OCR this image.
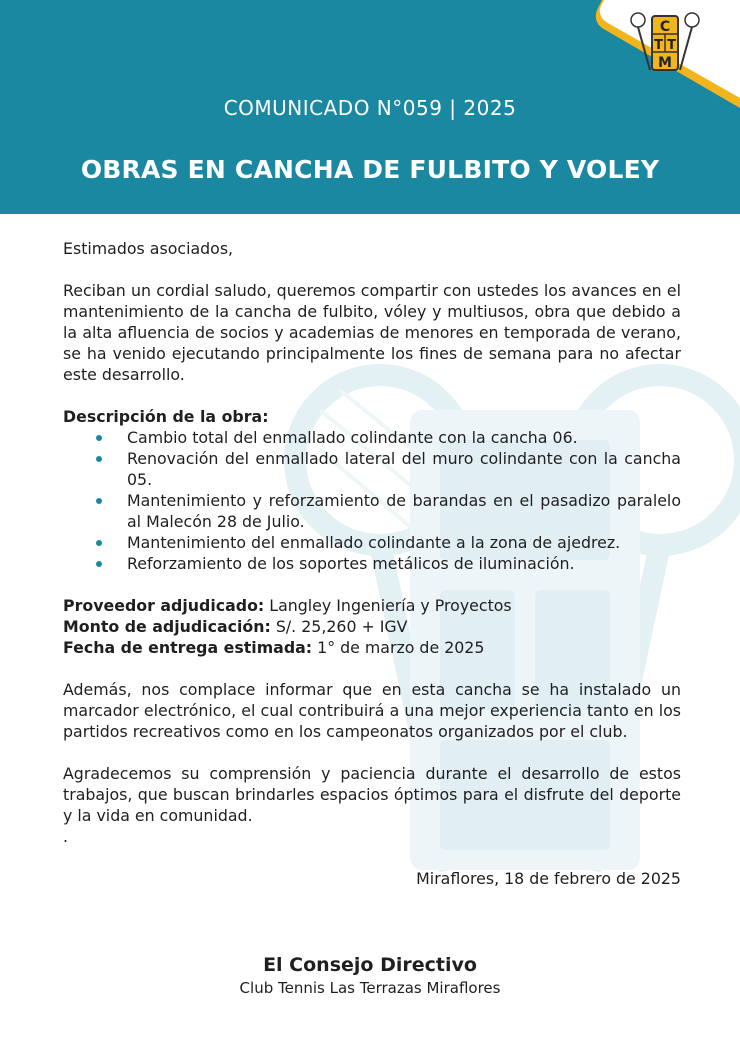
C
T T
M
COMUNICADO N°059 | 2025
OBRAS EN CANCHA DE FULBITO Y VOLEY

Estimados asociados,

Reciban un cordial saludo, queremos compartir con ustedes los avances en el mantenimiento de la cancha de fulbito, vóley y multiusos, obra que debido a la alta afluencia de socios y academias de menores en temporada de verano, se ha venido ejecutando principalmente los fines de semana para no afectar este desarrollo.

Descripción de la obra:

Cambio total del enmallado colindante con la cancha 06.
Renovación del enmallado lateral del muro colindante con la cancha 05.
Mantenimiento y reforzamiento de barandas en el pasadizo paralelo al Malecón 28 de Julio.
Mantenimiento del enmallado colindante a la zona de ajedrez.
Reforzamiento de los soportes metálicos de iluminación.

Proveedor adjudicado: Langley Ingeniería y Proyectos

Monto de adjudicación: S/. 25,260 + IGV

Fecha de entrega estimada: 1° de marzo de 2025

Además, nos complace informar que en esta cancha se ha instalado un marcador electrónico, el cual contribuirá a una mejor experiencia tanto en los partidos recreativos como en los campeonatos organizados por el club.

Agradecemos su comprensión y paciencia durante el desarrollo de estos trabajos, que buscan brindarles espacios óptimos para el disfrute del deporte y la vida en comunidad.

.

Miraflores, 18 de febrero de 2025

El Consejo Directivo
Club Tennis Las Terrazas Miraflores
